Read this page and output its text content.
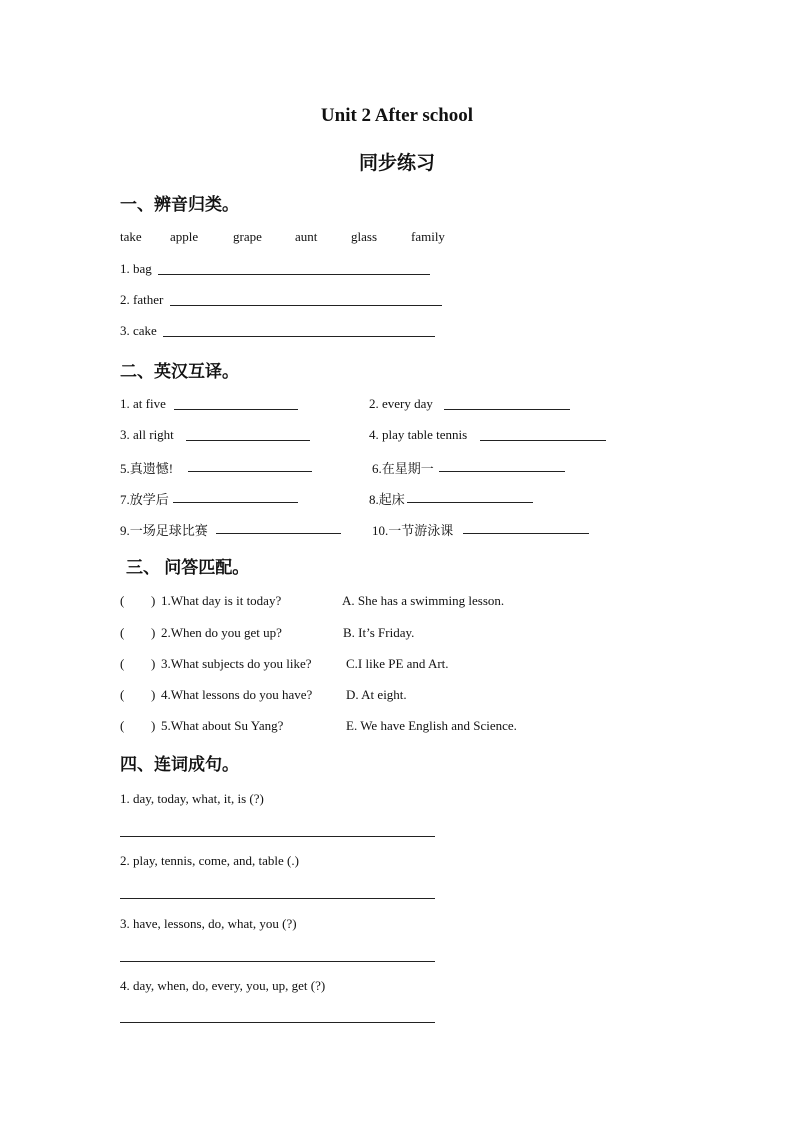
Unit 2 After school
同步练习
一、辨音归类。
take apple	grape	aunt	glass	family
1. bag
2. father
3. cake
二、英汉互译。
1. at five	2. every day
3. all right	4. play table tennis
5.真遗憾!	6.在星期一
7.放学后	8.起床
9.一场足球比赛	10.一节游泳课
三、 问答匹配。
( ) 1.What day is it today?	A. She has a swimming lesson.
( ) 2.When do you get up?	B. It’s Friday.
( ) 3.What subjects do you like?	C.I like PE and Art.
( ) 4.What lessons do you have?	D. At eight.
( ) 5.What about Su Yang?	E. We have English and Science.
四、连词成句。
1. day, today, what, it, is (?)
2. play, tennis, come, and, table (.)
3. have, lessons, do, what, you (?)
4. day, when, do, every, you, up, get (?)
